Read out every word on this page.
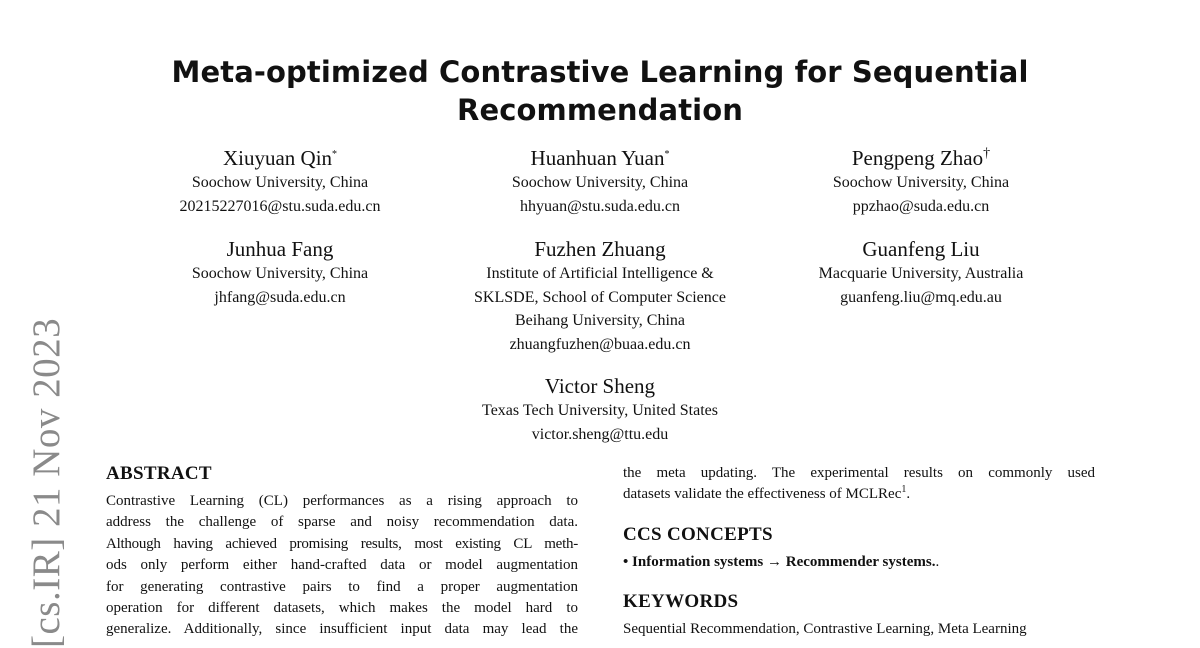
[cs.IR] 21 Nov 2023
Meta-optimized Contrastive Learning for Sequential
Recommendation
Xiuyuan Qin*
Soochow University, China
20215227016@stu.suda.edu.cn
Huanhuan Yuan*
Soochow University, China
hhyuan@stu.suda.edu.cn
Pengpeng Zhao†
Soochow University, China
ppzhao@suda.edu.cn
Junhua Fang
Soochow University, China
jhfang@suda.edu.cn
Fuzhen Zhuang
Institute of Artificial Intelligence &
SKLSDE, School of Computer Science
Beihang University, China
zhuangfuzhen@buaa.edu.cn
Guanfeng Liu
Macquarie University, Australia
guanfeng.liu@mq.edu.au
Victor Sheng
Texas Tech University, United States
victor.sheng@ttu.edu
ABSTRACT
Contrastive Learning (CL) performances as a rising approach to
address the challenge of sparse and noisy recommendation data.
Although having achieved promising results, most existing CL meth-
ods only perform either hand-crafted data or model augmentation
for generating contrastive pairs to find a proper augmentation
operation for different datasets, which makes the model hard to
generalize. Additionally, since insufficient input data may lead the
the meta updating. The experimental results on commonly used
datasets validate the effectiveness of MCLRec$^1$.
CCS CONCEPTS
• Information systems → Recommender systems..
KEYWORDS
Sequential Recommendation, Contrastive Learning, Meta Learning
